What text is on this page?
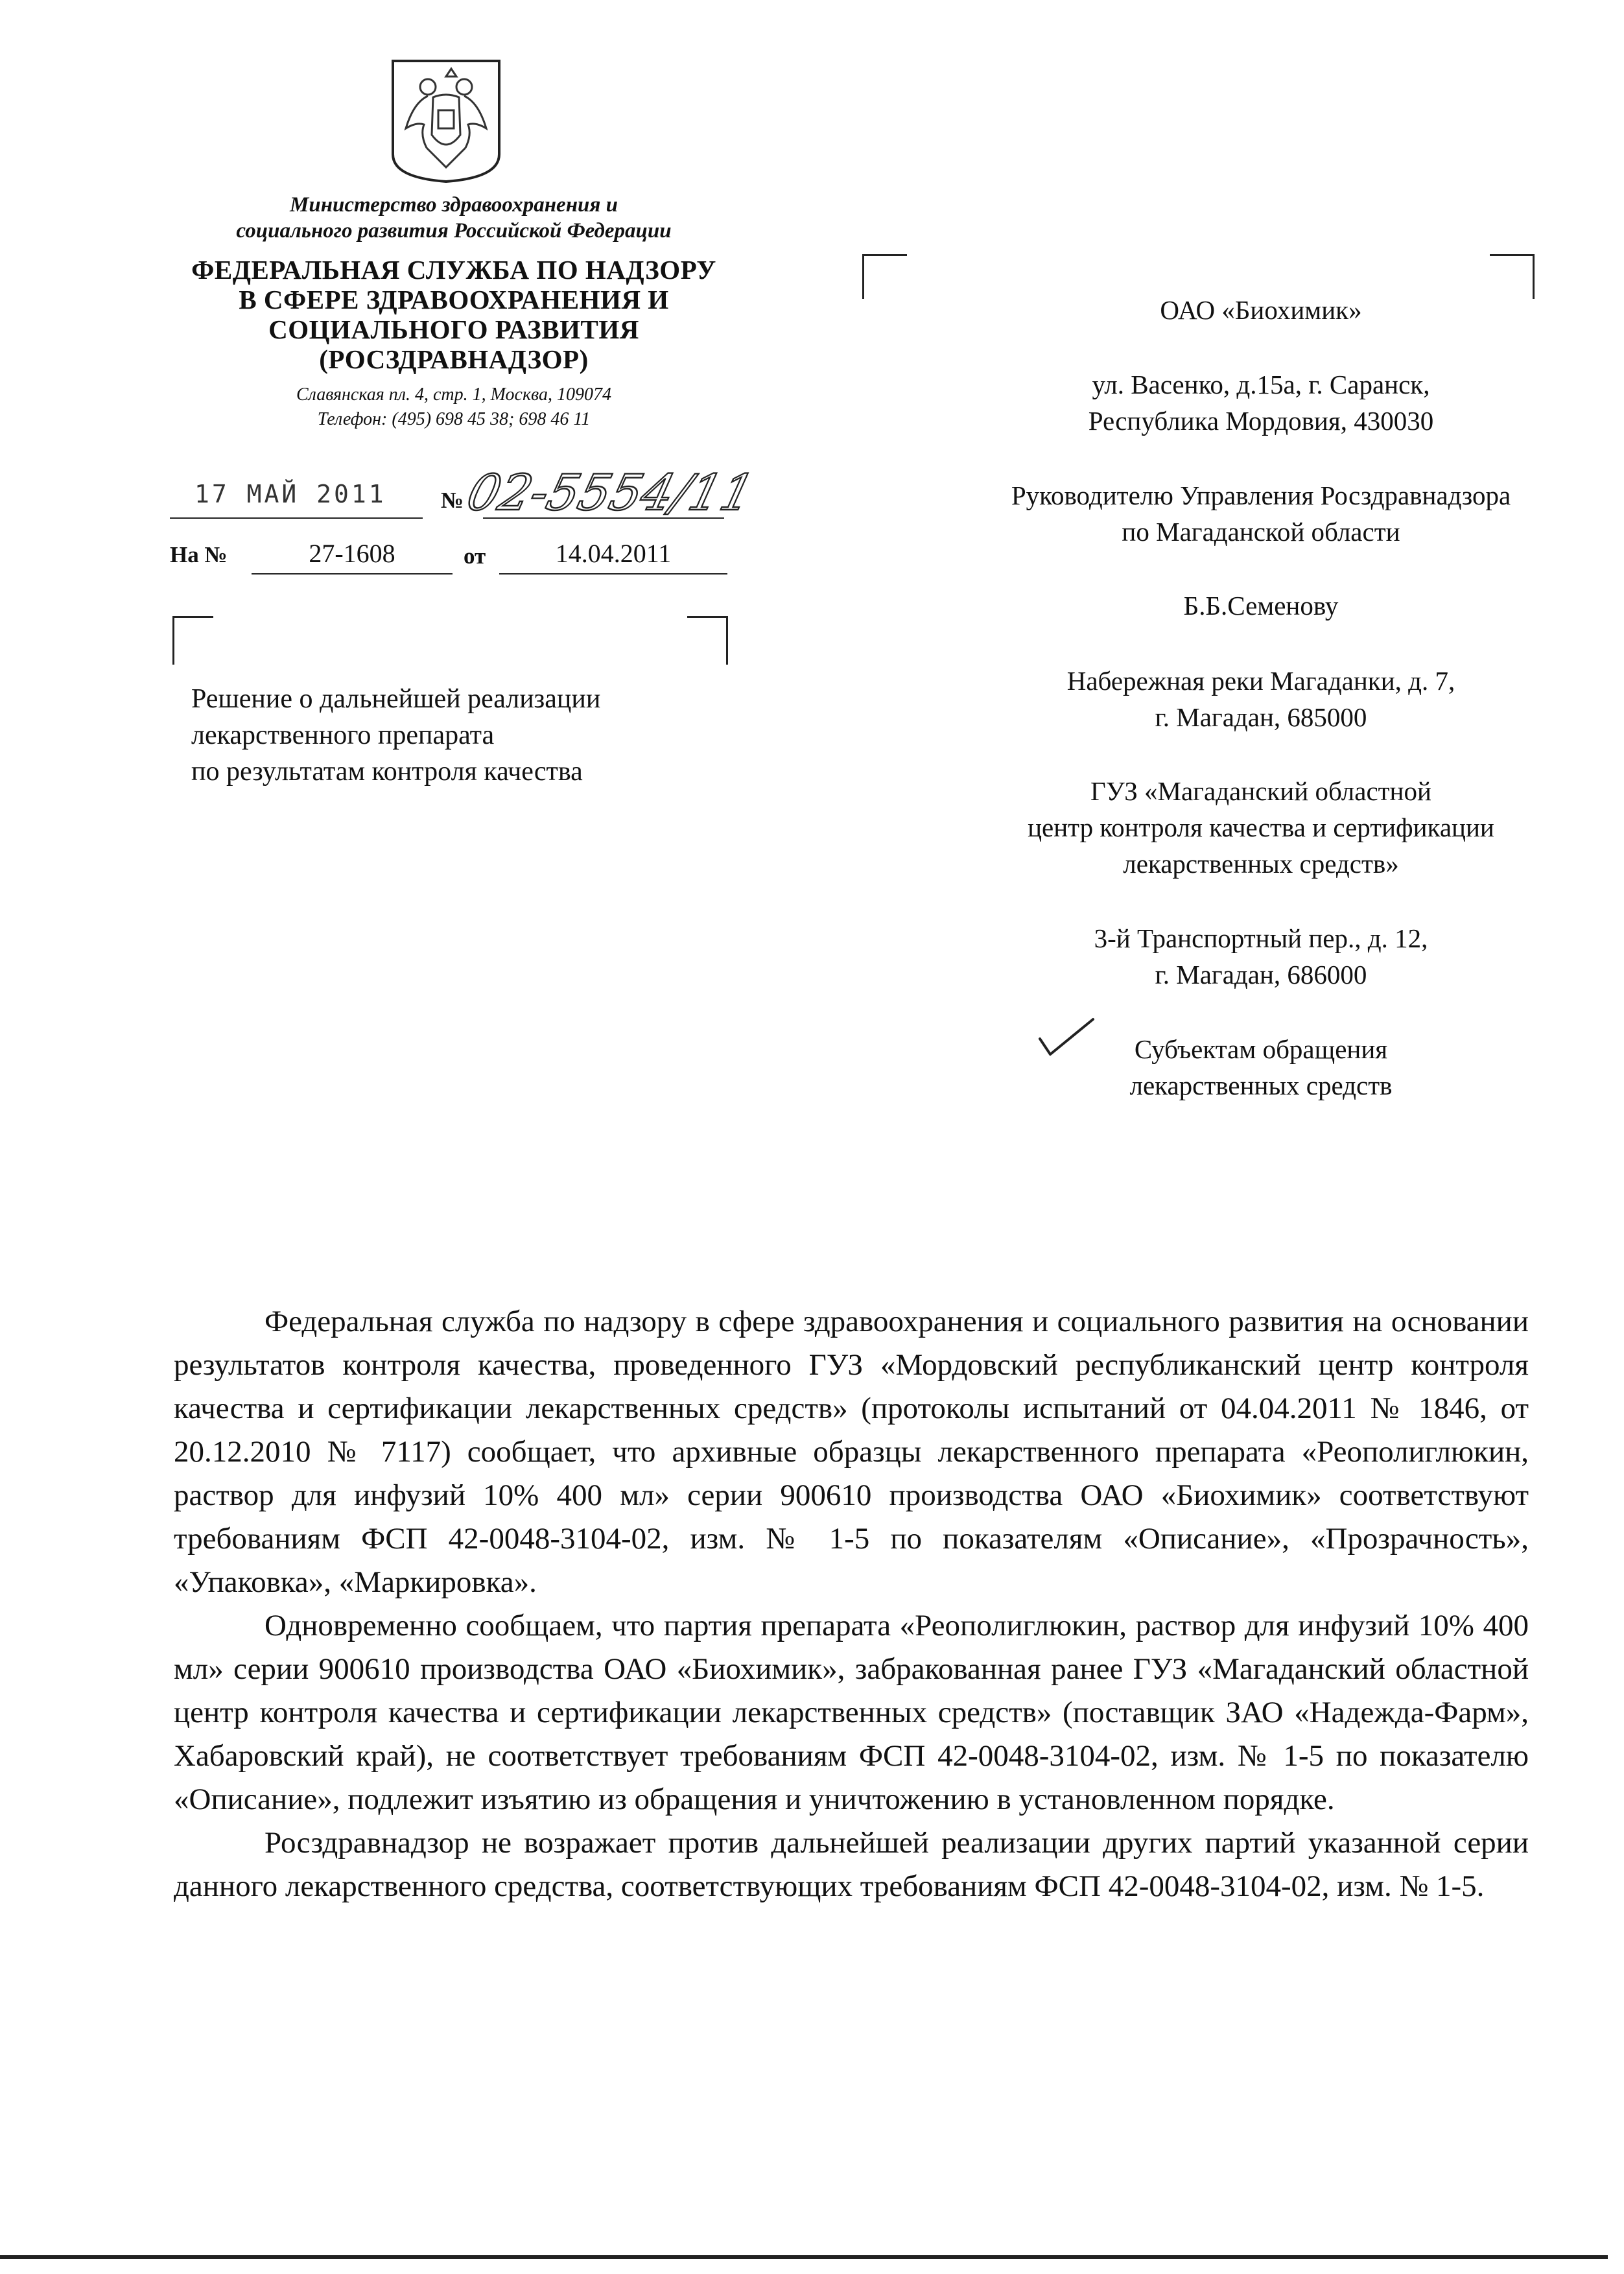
Министерство здравоохранения и
социального развития Российской Федерации
ФЕДЕРАЛЬНАЯ СЛУЖБА ПО НАДЗОРУ
В СФЕРЕ ЗДРАВООХРАНЕНИЯ И
СОЦИАЛЬНОГО РАЗВИТИЯ
(РОСЗДРАВНАДЗОР)
Славянская пл. 4, стр. 1, Москва, 109074
Телефон: (495) 698 45 38; 698 46 11
17 МАЙ 2011 №
02-5554/11
На №	27-1608	от	14.04.2011
Решение о дальнейшей реализации
лекарственного препарата
по результатам контроля качества
ОАО «Биохимик»
ул. Васенко, д.15а, г. Саранск,
Республика Мордовия, 430030
Руководителю Управления Росздравнадзора
по Магаданской области
Б.Б.Семенову
Набережная реки Магаданки, д. 7,
г. Магадан, 685000
ГУЗ «Магаданский областной
центр контроля качества и сертификации
лекарственных средств»
3-й Транспортный пер., д. 12,
г. Магадан, 686000
Субъектам обращения
лекарственных средств

Федеральная служба по надзору в сфере здравоохранения и социального развития на основании результатов контроля качества, проведенного ГУЗ «Мордовский республиканский центр контроля качества и сертификации лекарственных средств» (протоколы испытаний от 04.04.2011 № 1846, от 20.12.2010 № 7117) сообщает, что архивные образцы лекарственного препарата «Реополиглюкин, раствор для инфузий 10% 400 мл» серии 900610 производства ОАО «Биохимик» соответствуют требованиям ФСП 42-0048-3104-02, изм. № 1-5 по показателям «Описание», «Прозрачность», «Упаковка», «Маркировка».

Одновременно сообщаем, что партия препарата «Реополиглюкин, раствор для инфузий 10% 400 мл» серии 900610 производства ОАО «Биохимик», забракованная ранее ГУЗ «Магаданский областной центр контроля качества и сертификации лекарственных средств» (поставщик ЗАО «Надежда-Фарм», Хабаровский край), не соответствует требованиям ФСП 42-0048-3104-02, изм. № 1-5 по показателю «Описание», подлежит изъятию из обращения и уничтожению в установленном порядке.

Росздравнадзор не возражает против дальнейшей реализации других партий указанной серии данного лекарственного средства, соответствующих требованиям ФСП 42-0048-3104-02, изм. № 1-5.
